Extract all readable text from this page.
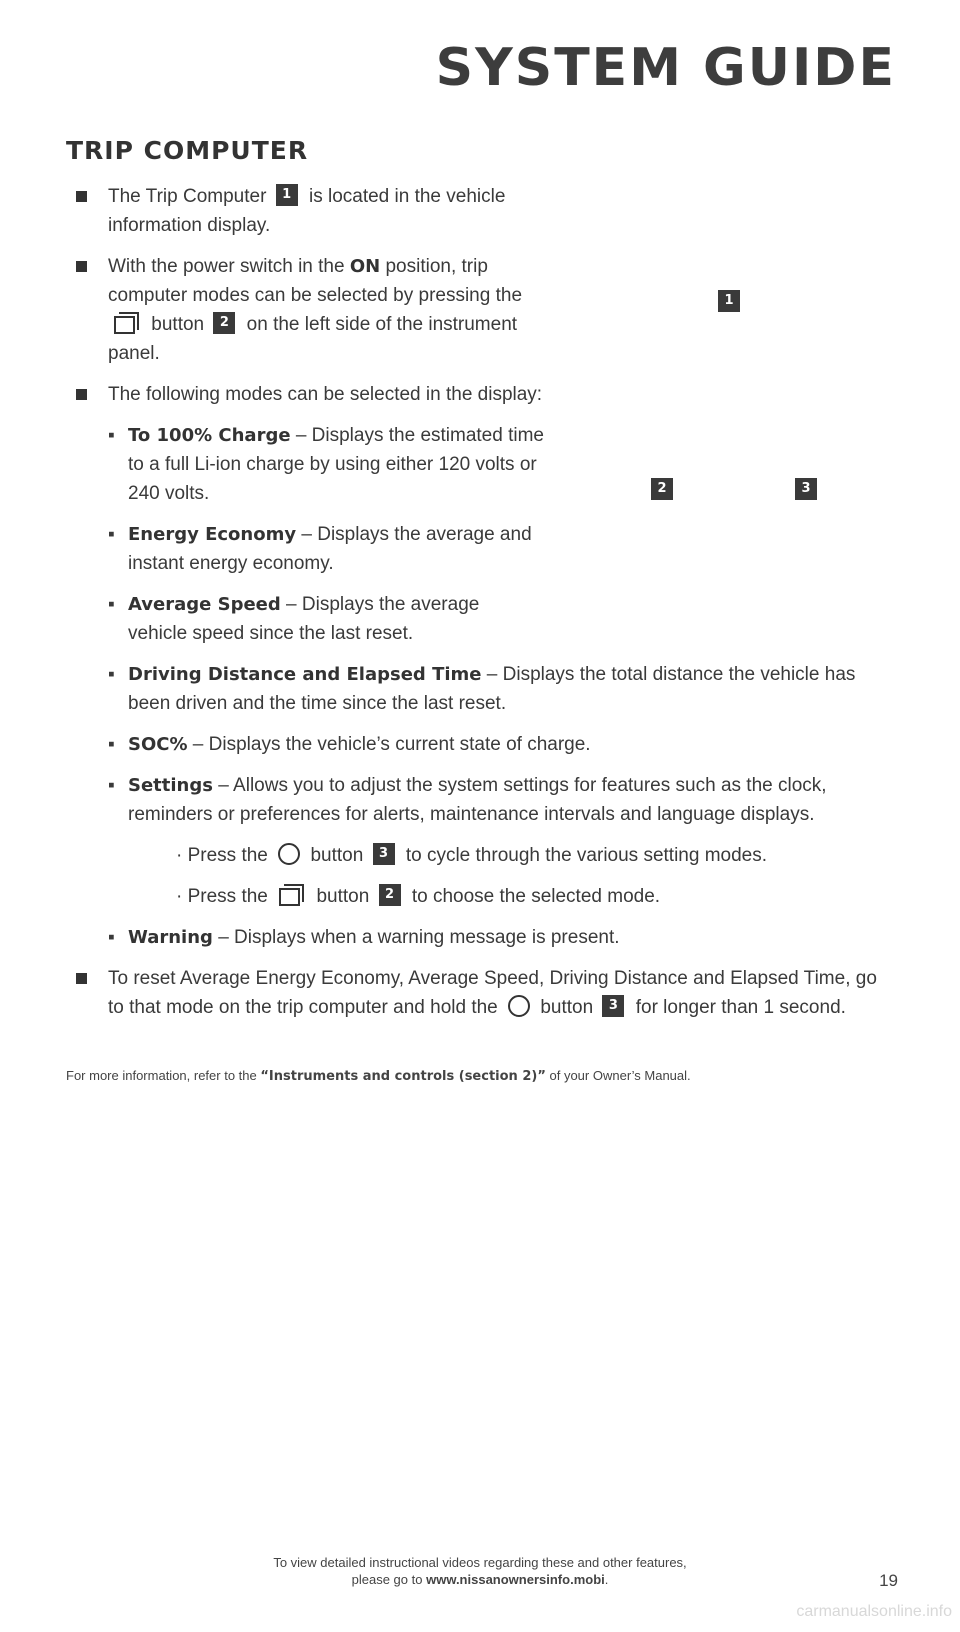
SYSTEM GUIDE
TRIP COMPUTER
1
2	3
The Trip Computer 1 is located in the vehicle information display.
With the power switch in the ON position, trip computer modes can be selected by pressing the  button 2 on the left side of the instrument panel.
The following modes can be selected in the display:
▪ To 100% Charge – Displays the estimated time to a full Li-ion charge by using either 120 volts or 240 volts.
▪ Energy Economy – Displays the average and instant energy economy.
▪ Average Speed – Displays the average vehicle speed since the last reset.
▪ Driving Distance and Elapsed Time – Displays the total distance the vehicle has been driven and the time since the last reset.
▪ SOC% – Displays the vehicle’s current state of charge.
▪ Settings – Allows you to adjust the system settings for features such as the clock, reminders or preferences for alerts, maintenance intervals and language displays.
· Press the button 3 to cycle through the various setting modes.
· Press the	button 2 to choose the selected mode.
▪ Warning – Displays when a warning message is present.
To reset Average Energy Economy, Average Speed, Driving Distance and Elapsed Time, go to that mode on the trip computer and hold the button 3 for longer than 1 second.
For more information, refer to the “Instruments and controls (section 2)” of your Owner’s Manual.
To view detailed instructional videos regarding these and other features,
please go to www.nissanownersinfo.mobi.	19
carmanualsonline.info
